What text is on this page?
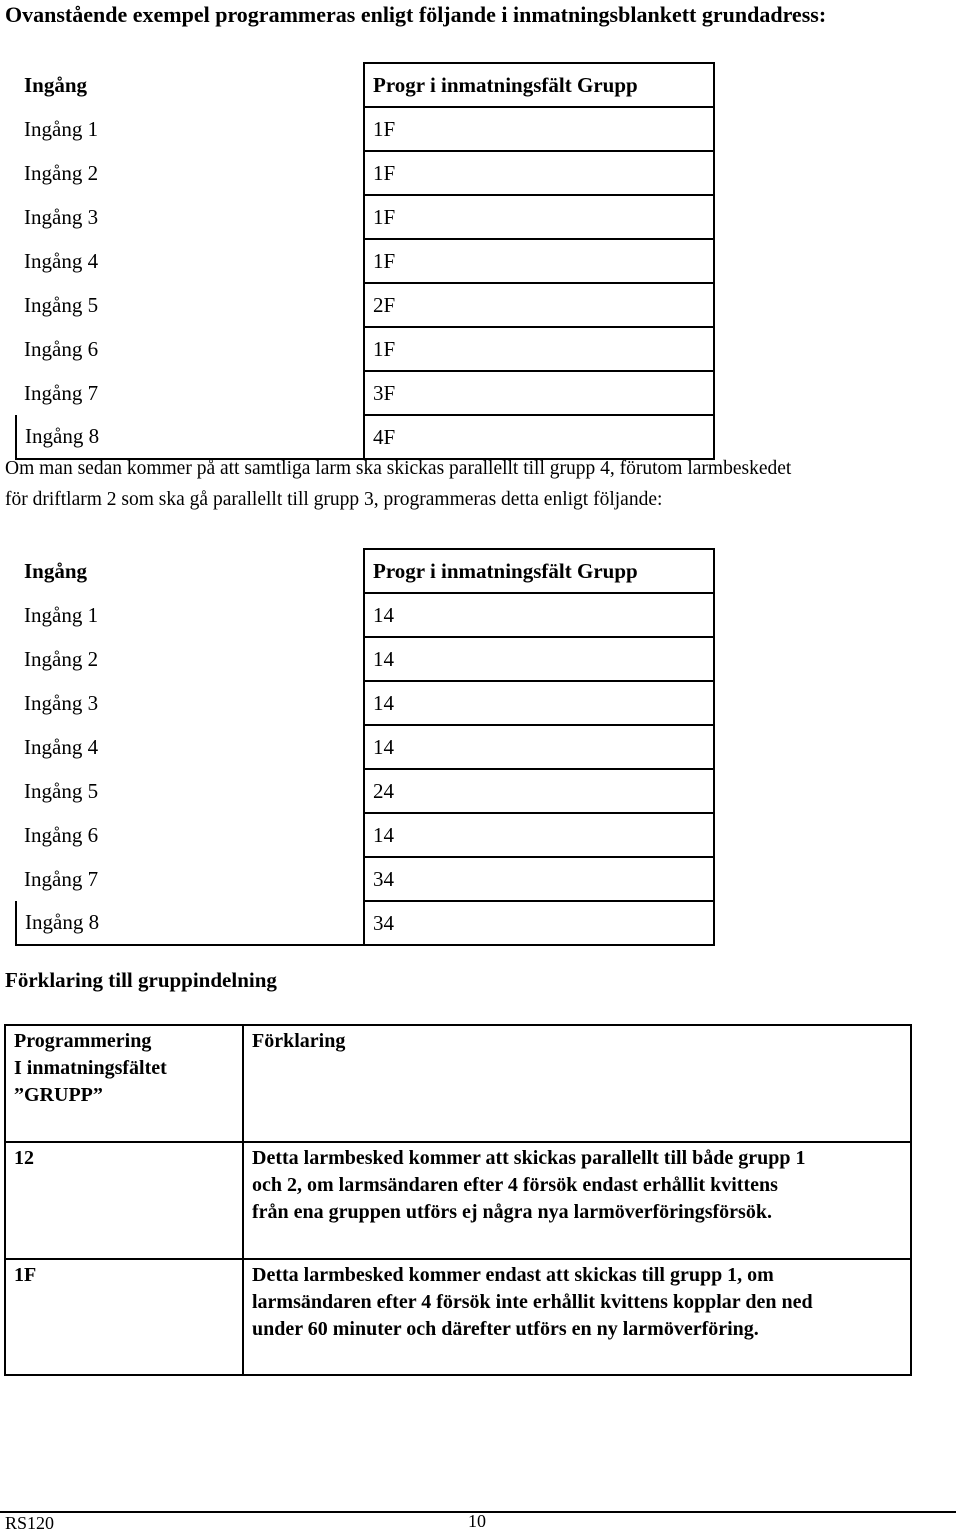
Ovanstående exempel programmeras enligt följande i inmatningsblankett grundadress:
Ingång	Progr i inmatningsfält Grupp
Ingång 1	1F
Ingång 2	1F
Ingång 3	1F
Ingång 4	1F
Ingång 5	2F
Ingång 6	1F
Ingång 7	3F
Ingång 8	4F
Om man sedan kommer på att samtliga larm ska skickas parallellt till grupp 4, förutom larmbeskedet
för driftlarm 2 som ska gå parallellt till grupp 3, programmeras detta enligt följande:
Ingång	Progr i inmatningsfält Grupp
Ingång 1	14
Ingång 2	14
Ingång 3	14
Ingång 4	14
Ingång 5	24
Ingång 6	14
Ingång 7	34
Ingång 8	34
Förklaring till gruppindelning
Programmering
I inmatningsfältet
”GRUPP”	Förklaring
12	Detta larmbesked kommer att skickas parallellt till både grupp 1
och 2, om larmsändaren efter 4 försök endast erhållit kvittens
från ena gruppen utförs ej några nya larmöverföringsförsök.

1F	Detta larmbesked kommer endast att skickas till grupp 1, om
larmsändaren efter 4 försök inte erhållit kvittens kopplar den ned
under 60 minuter och därefter utförs en ny larmöverföring.
RS120	10
